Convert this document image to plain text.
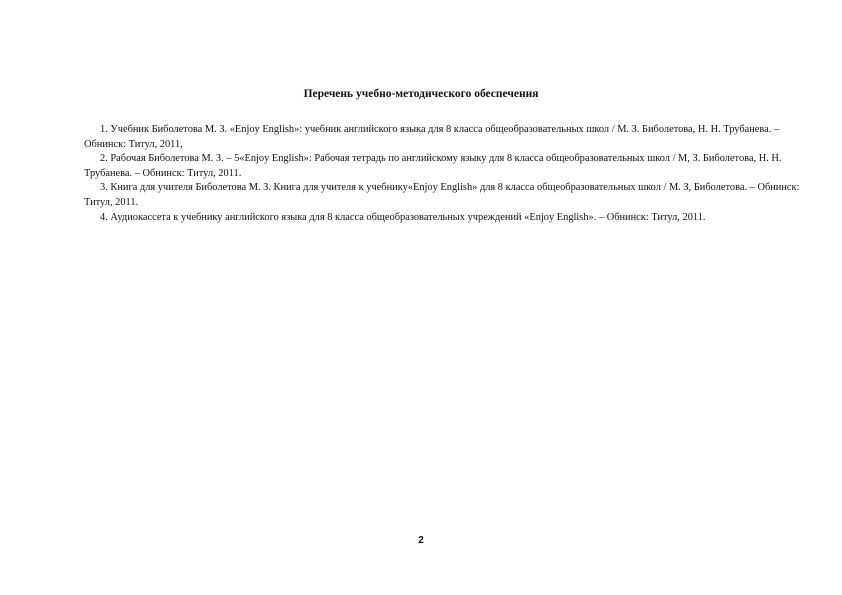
Перечень учебно-методического обеспечения

1. Учебник Биболетова М. З. «Enjoy English»: учебник английского языка для 8 класса общеобразовательных школ / М. З. Биболетова, Н. Н. Трубанева. – Обнинск: Титул, 2011,

2. Рабочая Биболетова М. З. – 5«Enjoy English»: Рабочая тетрадь по английскому языку для 8 класса общеобразовательных школ / М, З. Биболетова, Н. Н. Трубанева. – Обнинск: Титул, 2011.

3. Книга для учителя Биболетова М. З. Книга для учителя к учебнику«Enjoy English» для 8 класса общеобразовательных школ / М. З, Биболетова. – Обнинск: Титул, 2011.

4. Аудиокассета к учебнику английского языка для 8 класса общеобразовательных учреждений «Enjoy English». – Обнинск: Титул, 2011.

2
